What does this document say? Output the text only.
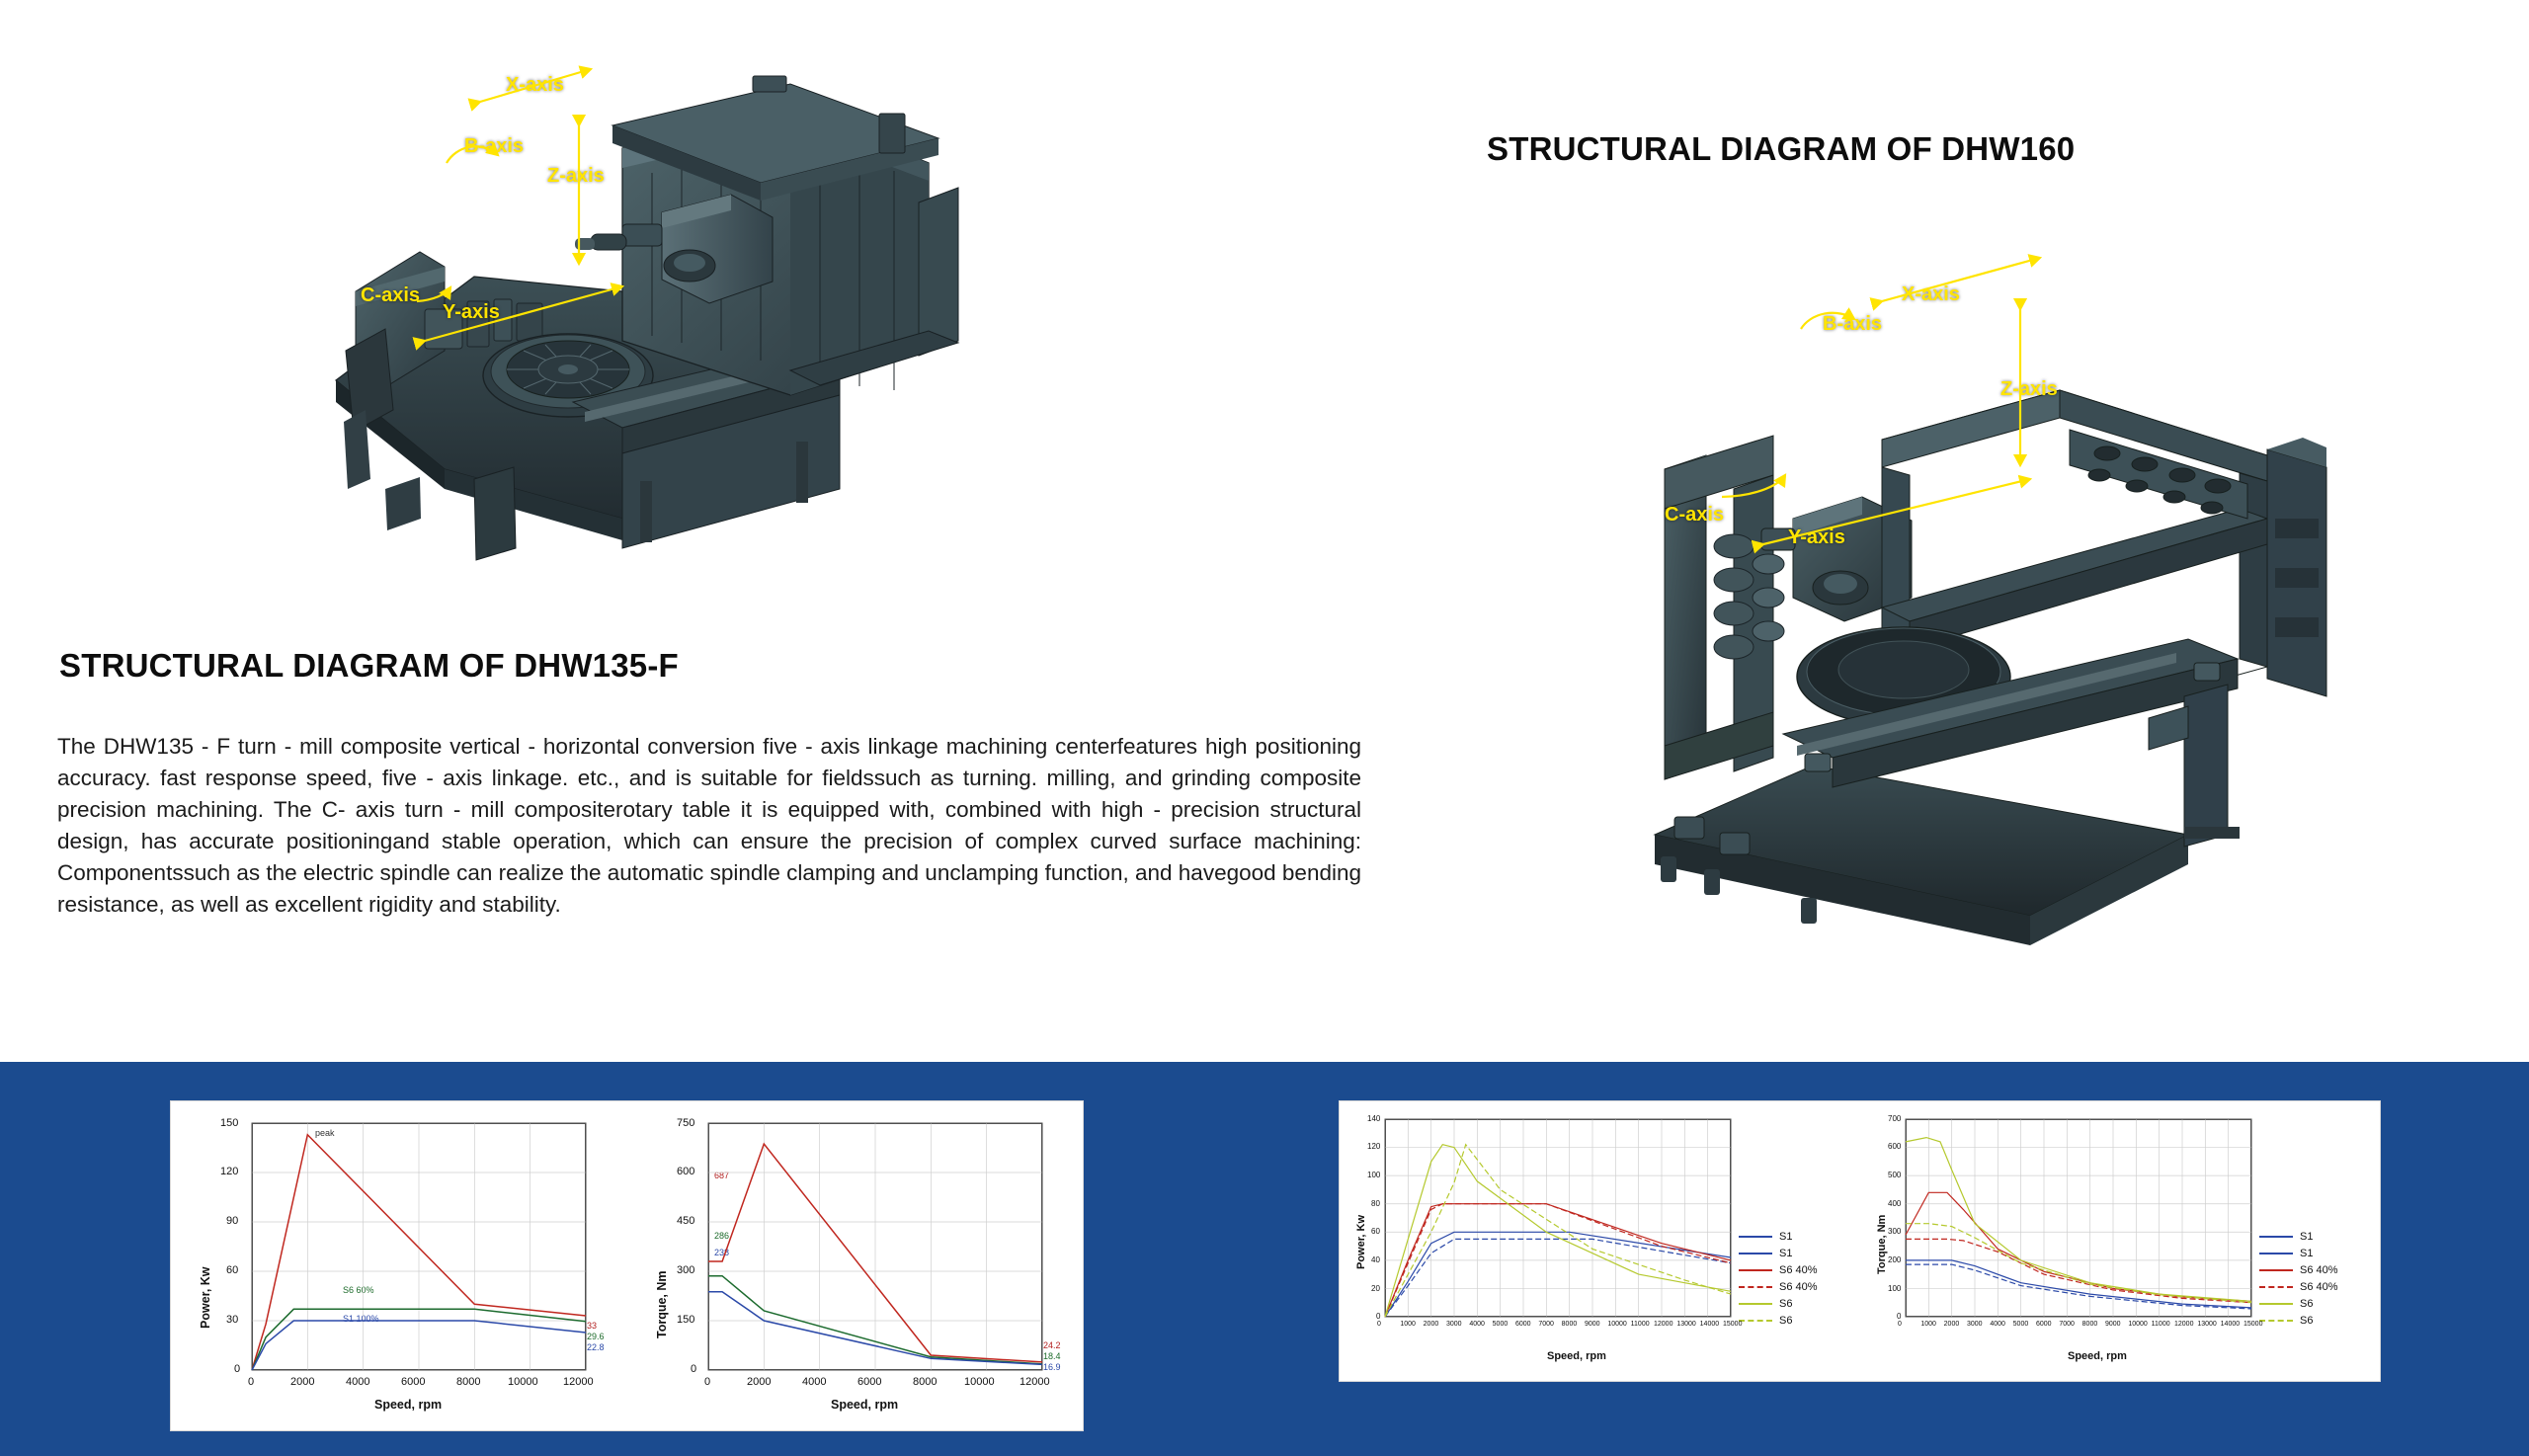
X-axis
B-axis
Z-axis
C-axis
Y-axis
X-axis
B-axis
Z-axis
C-axis
Y-axis
STRUCTURAL DIAGRAM OF DHW160
STRUCTURAL DIAGRAM OF DHW135-F
The DHW135 - F turn - mill composite vertical - horizontal conversion five - axis linkage machining centerfeatures high positioning accuracy. fast response speed, five - axis linkage. etc., and is suitable for fieldssuch as turning. milling, and grinding composite precision machining. The C- axis turn - mill compositerotary table it is equipped with, combined with high - precision structural design, has accurate positioningand stable operation, which can ensure the precision of complex curved surface machining: Componentssuch as the electric spindle can realize the automatic spindle clamping and unclamping function, and havegood bending resistance, as well as excellent rigidity and stability.
Power, Kw
Speed, rpm
150
120
90
60
30
0
0	2000	4000	6000	8000	10000 12000
peak
S6 60%
S1 100%
33
29.6
22.8
Torque, Nm
Speed, rpm
750
600
450
300
150
0
0	2000	4000	6000	8000	10000 12000
687
286
238
24.2
18.4
16.9
Power, Kw
Speed, rpm
140
120
100
80
60
40
20
0
S1
S1
S6 40%
S6 40%
S6
S6
0	1000 2000 3000 4000 5000 6000 7000 8000 9000 10000 11000 12000 13000 14000 15000
Torque, Nm
Speed, rpm
700
600
500
400
300
200
100
0
S1
S1
S6 40%
S6 40%
S6
S6
0	1000 2000 3000 4000 5000 6000 7000 8000 9000 10000 11000 12000 13000 14000 15000
